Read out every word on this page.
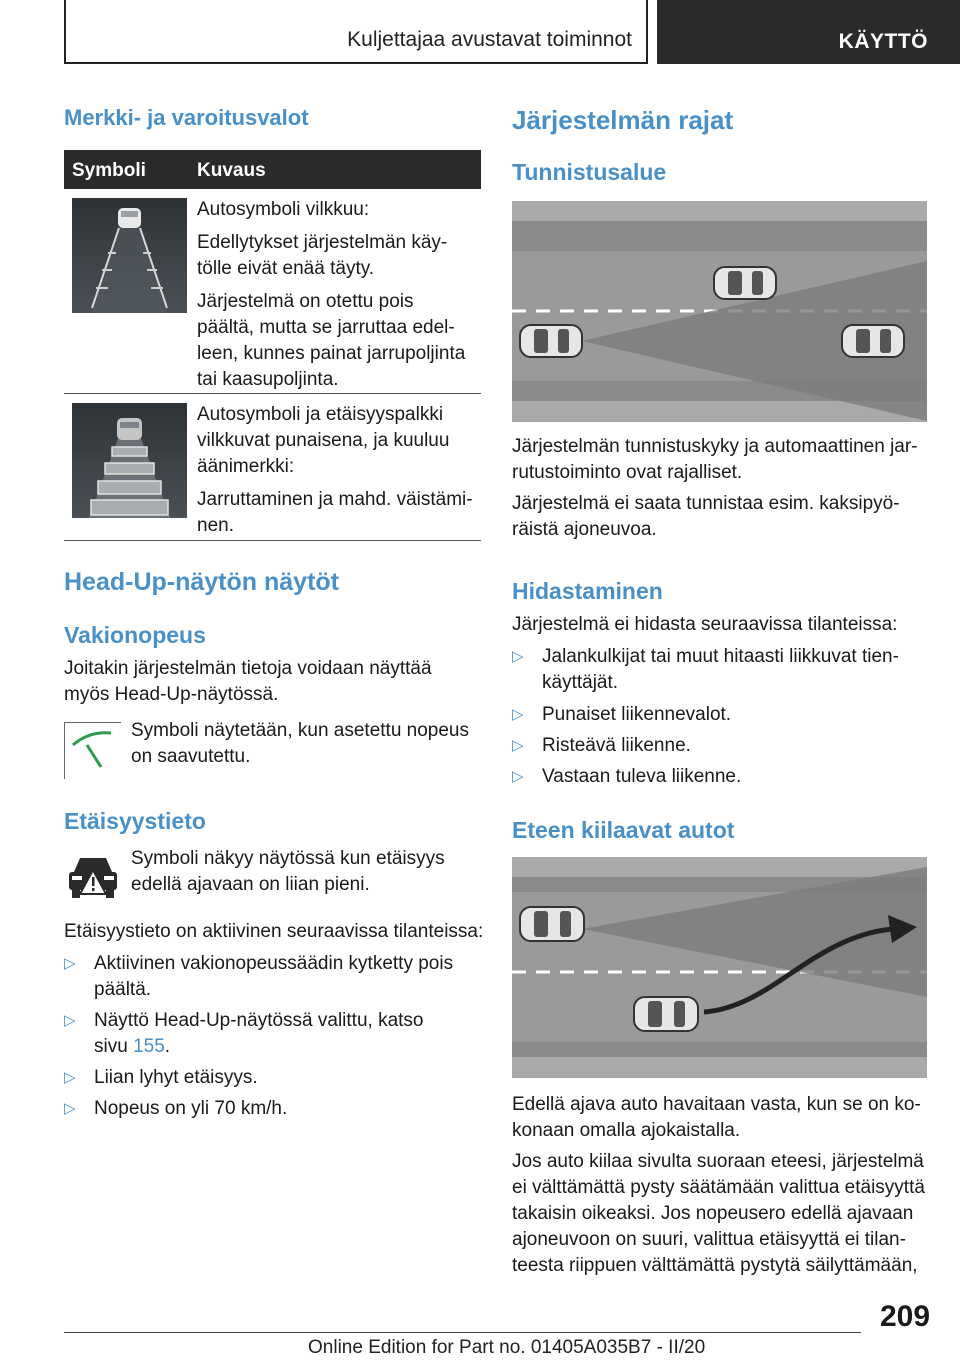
Kuljettajaa avustavat toiminnot	KÄYTTÖ
Merkki- ja varoitusvalot
Symboli	Kuvaus

Autosymboli vilkkuu:

Edellytykset järjestelmän käy-
tölle eivät enää täyty.

Järjestelmä on otettu pois
päältä, mutta se jarruttaa edel-
leen, kunnes painat jarrupoljinta
tai kaasupoljinta.

Autosymboli ja etäisyyspalkki
vilkkuvat punaisena, ja kuuluu
äänimerkki:

Jarruttaminen ja mahd. väistämi-
nen.

Head-Up-näytön näytöt
Vakionopeus

Joitakin järjestelmän tietoja voidaan näyttää
myös Head-Up-näytössä.

Symboli näytetään, kun asetettu nopeus
on saavutettu.

Etäisyystieto

Symboli näkyy näytössä kun etäisyys
edellä ajavaan on liian pieni.

Etäisyystieto on aktiivinen seuraavissa tilanteissa:

▷ Aktiivinen vakionopeussäädin kytketty pois
päältä.
▷ Näyttö Head-Up-näytössä valittu, katso
sivu 155.
▷ Liian lyhyt etäisyys.
▷ Nopeus on yli 70 km/h.
Järjestelmän rajat
Tunnistusalue

Järjestelmän tunnistuskyky ja automaattinen jar-
rutustoiminto ovat rajalliset.

Järjestelmä ei saata tunnistaa esim. kaksipyö-
räistä ajoneuvoa.

Hidastaminen

Järjestelmä ei hidasta seuraavissa tilanteissa:

▷ Jalankulkijat tai muut hitaasti liikkuvat tien-
käyttäjät.
▷ Punaiset liikennevalot.
▷ Risteävä liikenne.
▷ Vastaan tuleva liikenne.
Eteen kiilaavat autot

Edellä ajava auto havaitaan vasta, kun se on ko-
konaan omalla ajokaistalla.

Jos auto kiilaa sivulta suoraan eteesi, järjestelmä
ei välttämättä pysty säätämään valittua etäisyyttä
takaisin oikeaksi. Jos nopeusero edellä ajavaan
ajoneuvoon on suuri, valittua etäisyyttä ei tilan-
teesta riippuen välttämättä pystytä säilyttämään,

209
Online Edition for Part no. 01405A035B7 - II/20
